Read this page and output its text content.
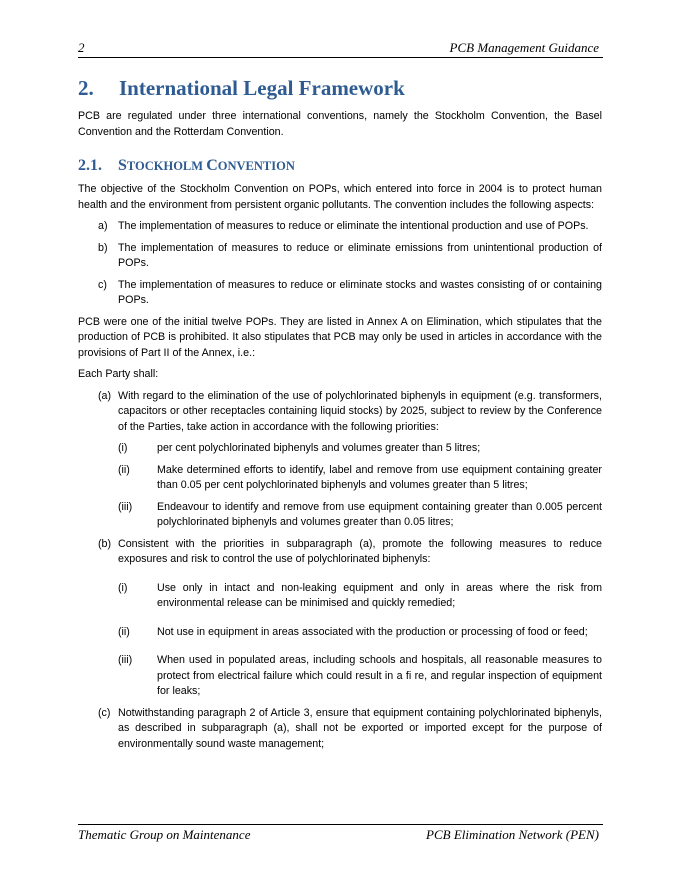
2	PCB Management Guidance
2. International Legal Framework

PCB are regulated under three international conventions, namely the Stockholm Convention, the Basel Convention and the Rotterdam Convention.

2.1. STOCKHOLM CONVENTION

The objective of the Stockholm Convention on POPs, which entered into force in 2004 is to protect human health and the environment from persistent organic pollutants. The convention includes the following aspects:

a) The implementation of measures to reduce or eliminate the intentional production and use of POPs.
b) The implementation of measures to reduce or eliminate emissions from unintentional production of POPs.
c) The implementation of measures to reduce or eliminate stocks and wastes consisting of or containing POPs.

PCB were one of the initial twelve POPs. They are listed in Annex A on Elimination, which stipulates that the production of PCB is prohibited. It also stipulates that PCB may only be used in articles in accordance with the provisions of Part II of the Annex, i.e.:

Each Party shall:

(a) With regard to the elimination of the use of polychlorinated biphenyls in equipment (e.g. transformers, capacitors or other receptacles containing liquid stocks) by 2025, subject to review by the Conference of the Parties, take action in accordance with the following priorities:
(i)	per cent polychlorinated biphenyls and volumes greater than 5 litres;
(ii)	Make determined efforts to identify, label and remove from use equipment containing greater than 0.05 per cent polychlorinated biphenyls and volumes greater than 5 litres;
(iii) Endeavour to identify and remove from use equipment containing greater than 0.005 percent polychlorinated biphenyls and volumes greater than 0.05 litres;
(b) Consistent with the priorities in subparagraph (a), promote the following measures to reduce exposures and risk to control the use of polychlorinated biphenyls:
(i)	Use only in intact and non-leaking equipment and only in areas where the risk from environmental release can be minimised and quickly remedied;
(ii)	Not use in equipment in areas associated with the production or processing of food or feed;
(iii) When used in populated areas, including schools and hospitals, all reasonable measures to protect from electrical failure which could result in a fi re, and regular inspection of equipment for leaks;
(c) Notwithstanding paragraph 2 of Article 3, ensure that equipment containing polychlorinated biphenyls, as described in subparagraph (a), shall not be exported or imported except for the purpose of environmentally sound waste management;
Thematic Group on Maintenance	PCB Elimination Network (PEN)
